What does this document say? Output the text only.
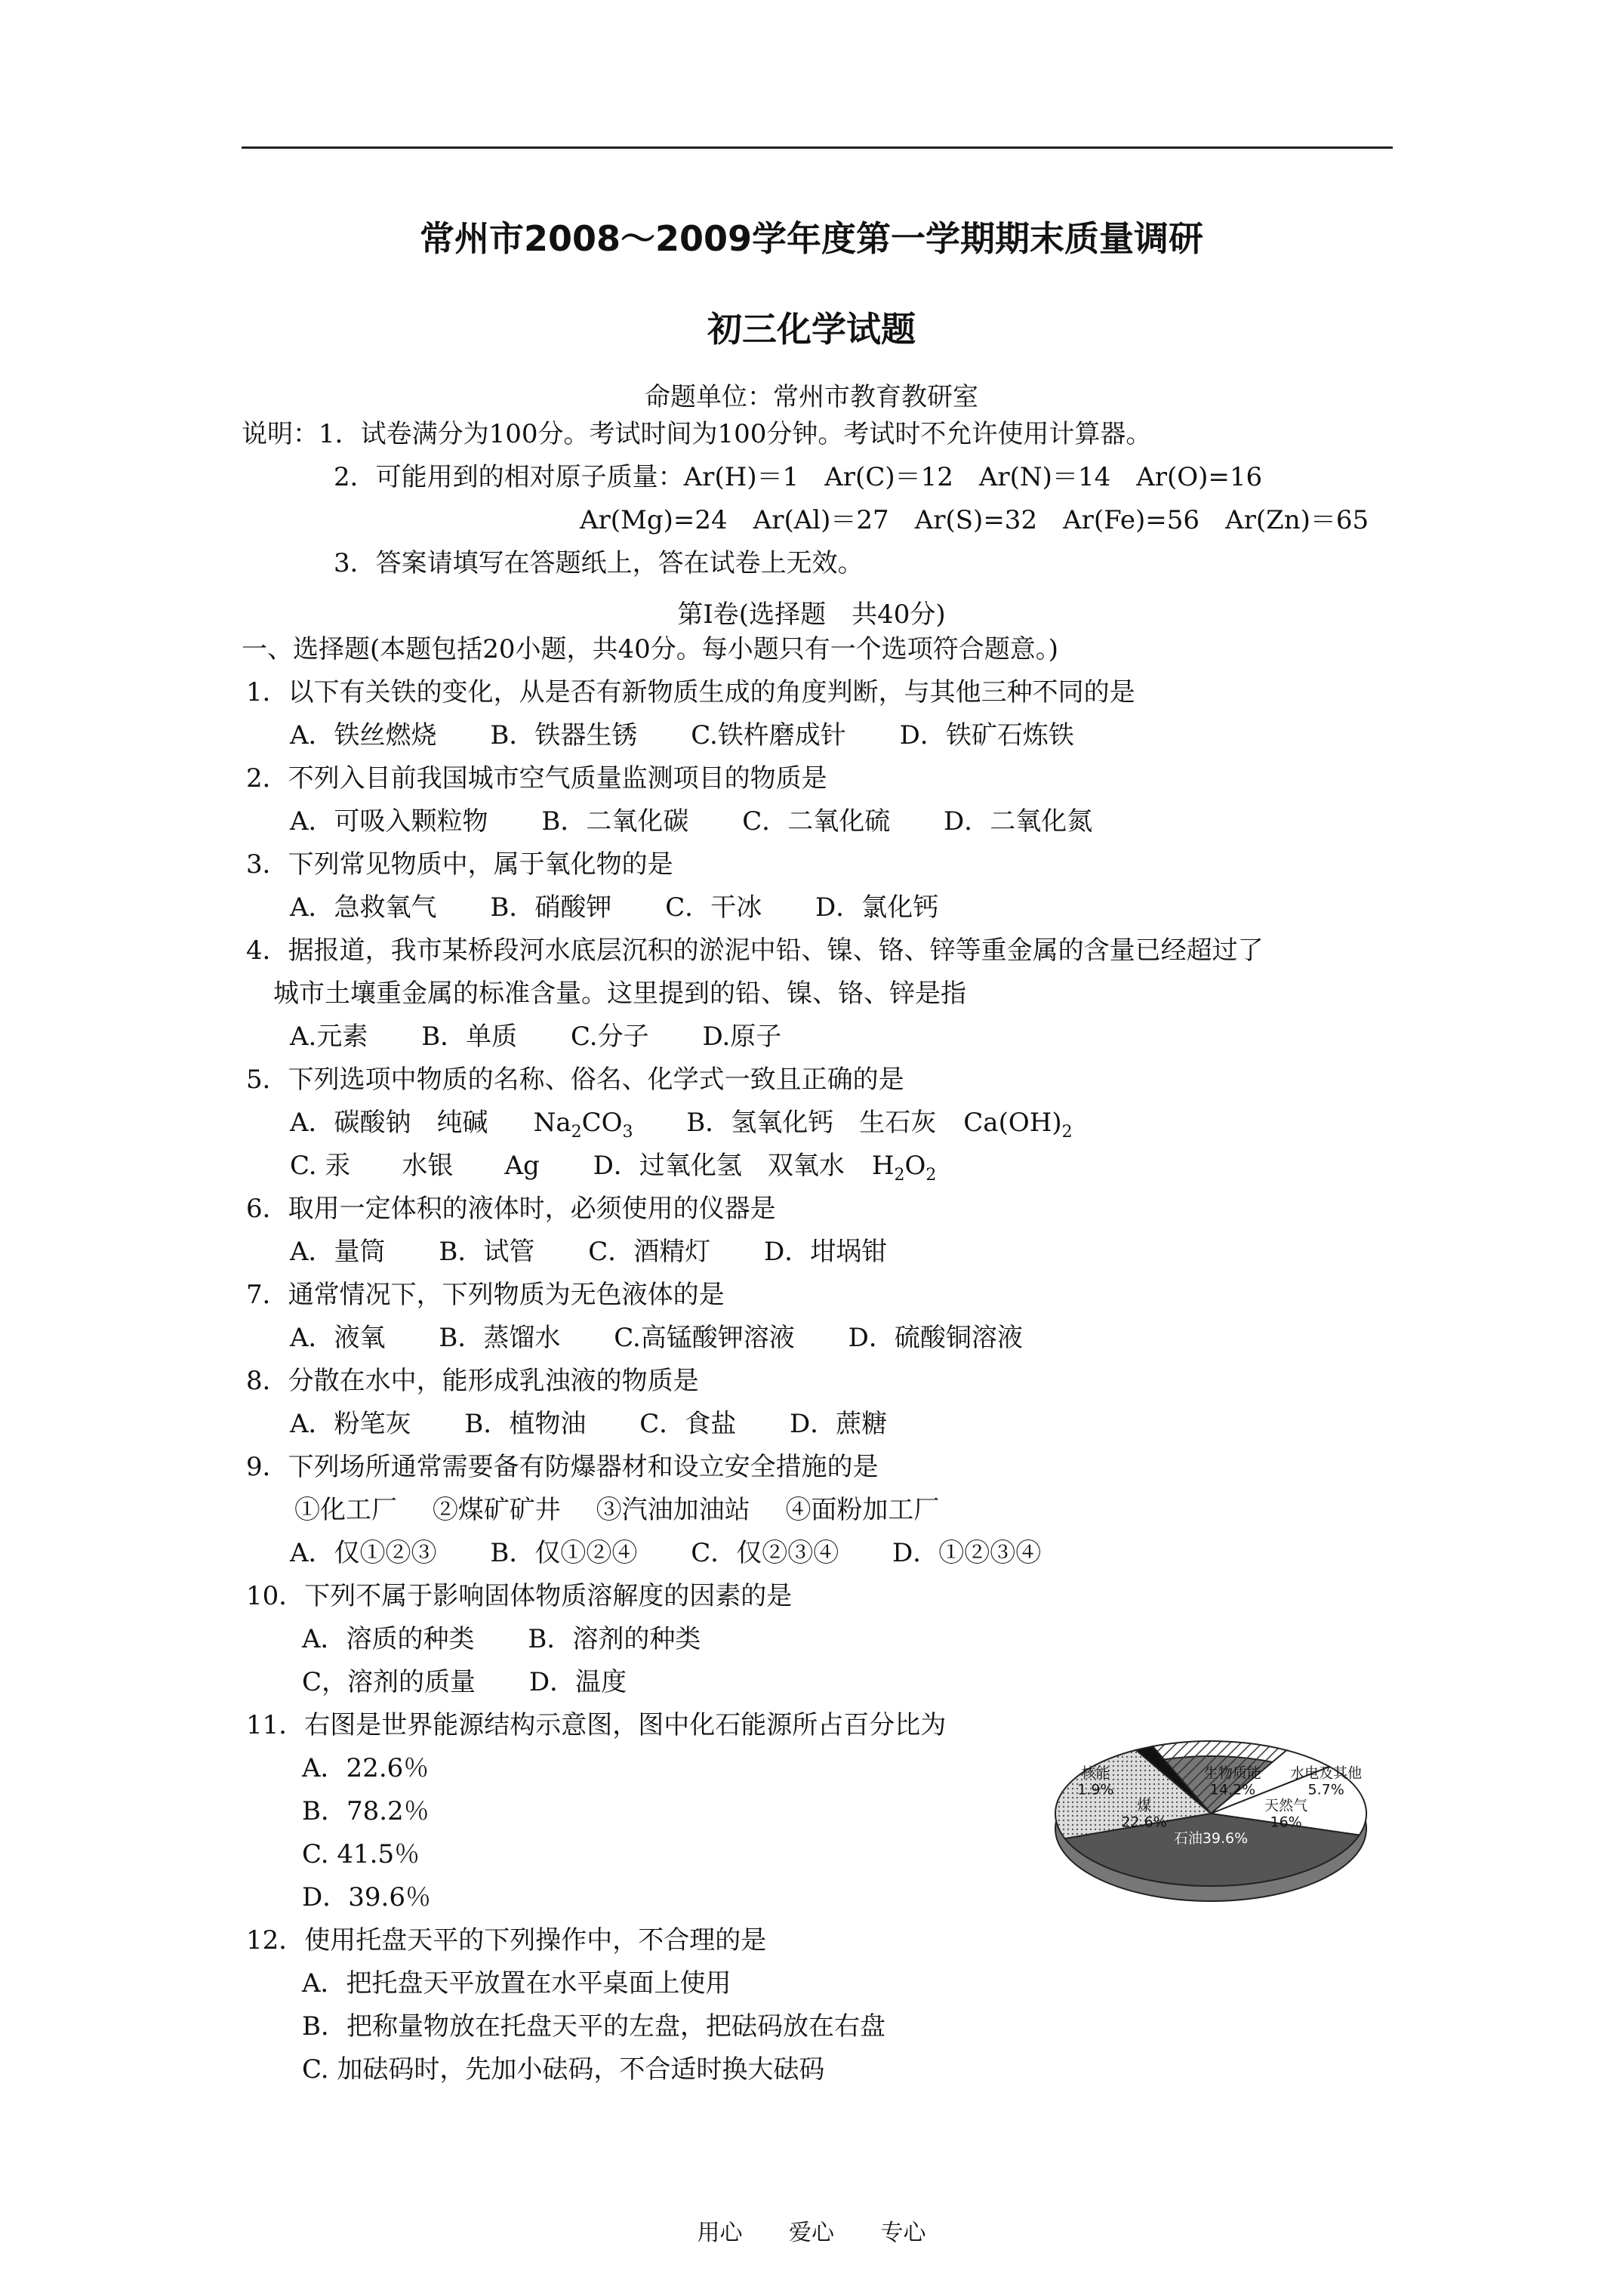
常州市2008～2009学年度第一学期期末质量调研
初三化学试题
命题单位：常州市教育教研室
说明：1．试卷满分为100分。考试时间为100分钟。考试时不允许使用计算器。
2．可能用到的相对原子质量：Ar(H)＝1　Ar(C)＝12　Ar(N)＝14　Ar(O)=16
Ar(Mg)=24　Ar(Al)＝27　Ar(S)=32　Ar(Fe)=56　Ar(Zn)＝65
3．答案请填写在答题纸上，答在试卷上无效。
第Ⅰ卷(选择题　共40分)
一、选择题(本题包括20小题，共40分。每小题只有一个选项符合题意。)
1．以下有关铁的变化，从是否有新物质生成的角度判断，与其他三种不同的是
A．铁丝燃烧 B．铁器生锈 C.铁杵磨成针 D．铁矿石炼铁
2．不列入目前我国城市空气质量监测项目的物质是
A．可吸入颗粒物 B．二氧化碳 C．二氧化硫 D．二氧化氮
3．下列常见物质中，属于氧化物的是
A．急救氧气 B．硝酸钾 C．干冰 D．氯化钙
4．据报道，我市某桥段河水底层沉积的淤泥中铅、镍、铬、锌等重金属的含量已经超过了
城市土壤重金属的标准含量。这里提到的铅、镍、铬、锌是指
A.元素 B．单质 C.分子 D.原子
5．下列选项中物质的名称、俗名、化学式一致且正确的是
A．碳酸钠　纯碱 $Na_2CO_3$ B．氢氧化钙　生石灰 $Ca(OH)_2$
C. 汞　　水银　　Ag D．过氧化氢　双氧水 $H_2O_2$
6．取用一定体积的液体时，必须使用的仪器是
A．量筒 B．试管 C．酒精灯 D．坩埚钳
7．通常情况下，下列物质为无色液体的是
A．液氧 B．蒸馏水 C.高锰酸钾溶液 D．硫酸铜溶液
8．分散在水中，能形成乳浊液的物质是
A．粉笔灰 B．植物油 C．食盐 D．蔗糖
9．下列场所通常需要备有防爆器材和设立安全措施的是
①化工厂 ②煤矿矿井 ③汽油加油站 ④面粉加工厂
A．仅①②③ B．仅①②④ C．仅②③④ D．①②③④
10．下列不属于影响固体物质溶解度的因素的是
A．溶质的种类 B．溶剂的种类
C，溶剂的质量 D．温度
11．右图是世界能源结构示意图，图中化石能源所占百分比为
A．22.6％
B．78.2％
C. 41.5％
D．39.6％
核能 1.9%
生物质能 14.2%
水电及其他 5.7%
天然气 16%
石油39.6%
煤 22.6%
12．使用托盘天平的下列操作中，不合理的是
A．把托盘天平放置在水平桌面上使用
B．把称量物放在托盘天平的左盘，把砝码放在右盘
C. 加砝码时，先加小砝码，不合适时换大砝码
用心 爱心 专心
